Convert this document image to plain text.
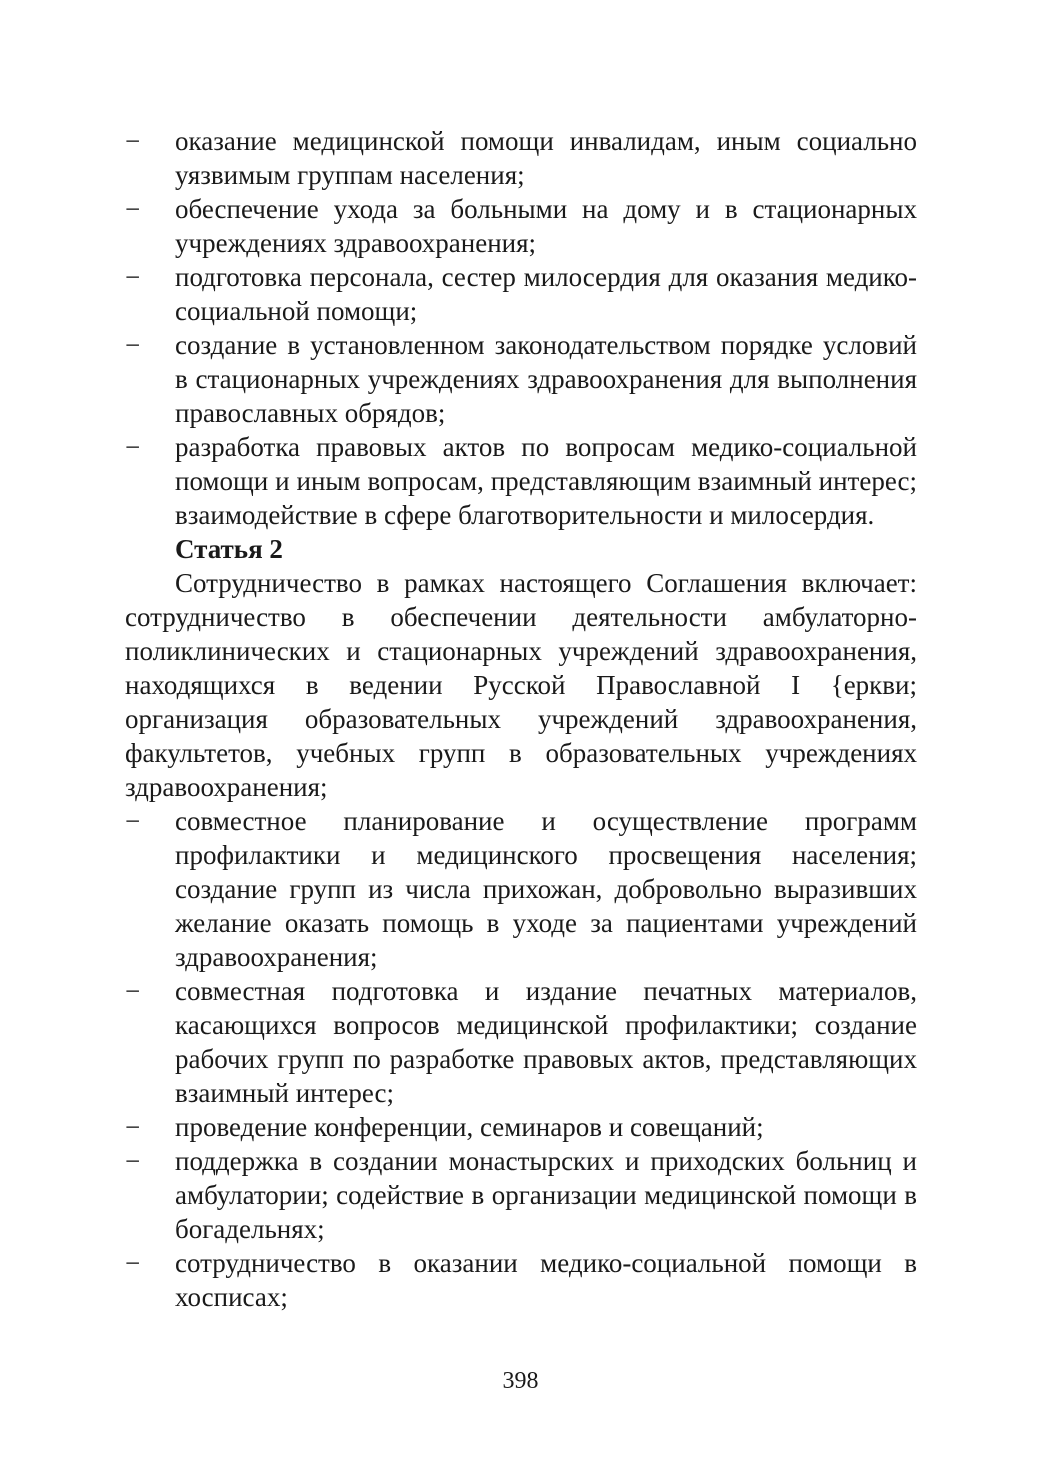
−	оказание медицинской помощи инвалидам, иным социально уязвимым группам населения;
−	обеспечение ухода за больными на дому и в стационарных учреждениях здравоохранения;
−	подготовка персонала, сестер милосердия для оказания медико-социальной помощи;
−	создание в установленном законодательством порядке условий в стационарных учреждениях здравоохранения для выполнения православных обрядов;
−	разработка правовых актов по вопросам медико-социальной помощи и иным вопросам, представляющим взаимный интерес; взаимодействие в сфере благотворительности и милосердия.
Статья 2
Сотрудничество в рамках настоящего Соглашения включает: сотрудничество в обеспечении деятельности амбулаторно-поликлинических и стационарных учреждений здравоохранения, находящихся в ведении Русской Православной I {еркви; организация образовательных учреждений здравоохранения, факультетов, учебных групп в образовательных учреждениях здравоохранения;
−	совместное планирование и осуществление программ профилактики и медицинского просвещения населения; создание групп из числа прихожан, добровольно выразивших желание оказать помощь в уходе за пациентами учреждений здравоохранения;
−	совместная подготовка и издание печатных материалов, касающихся вопросов медицинской профилактики; создание рабочих групп по разработке правовых актов, представляющих взаимный интерес;
−	проведение конференции, семинаров и совещаний;
−	поддержка в создании монастырских и приходских больниц и амбулатории; содействие в организации медицинской помощи в богадельнях;
−	сотрудничество в оказании медико-социальной помощи в хосписах;
398
